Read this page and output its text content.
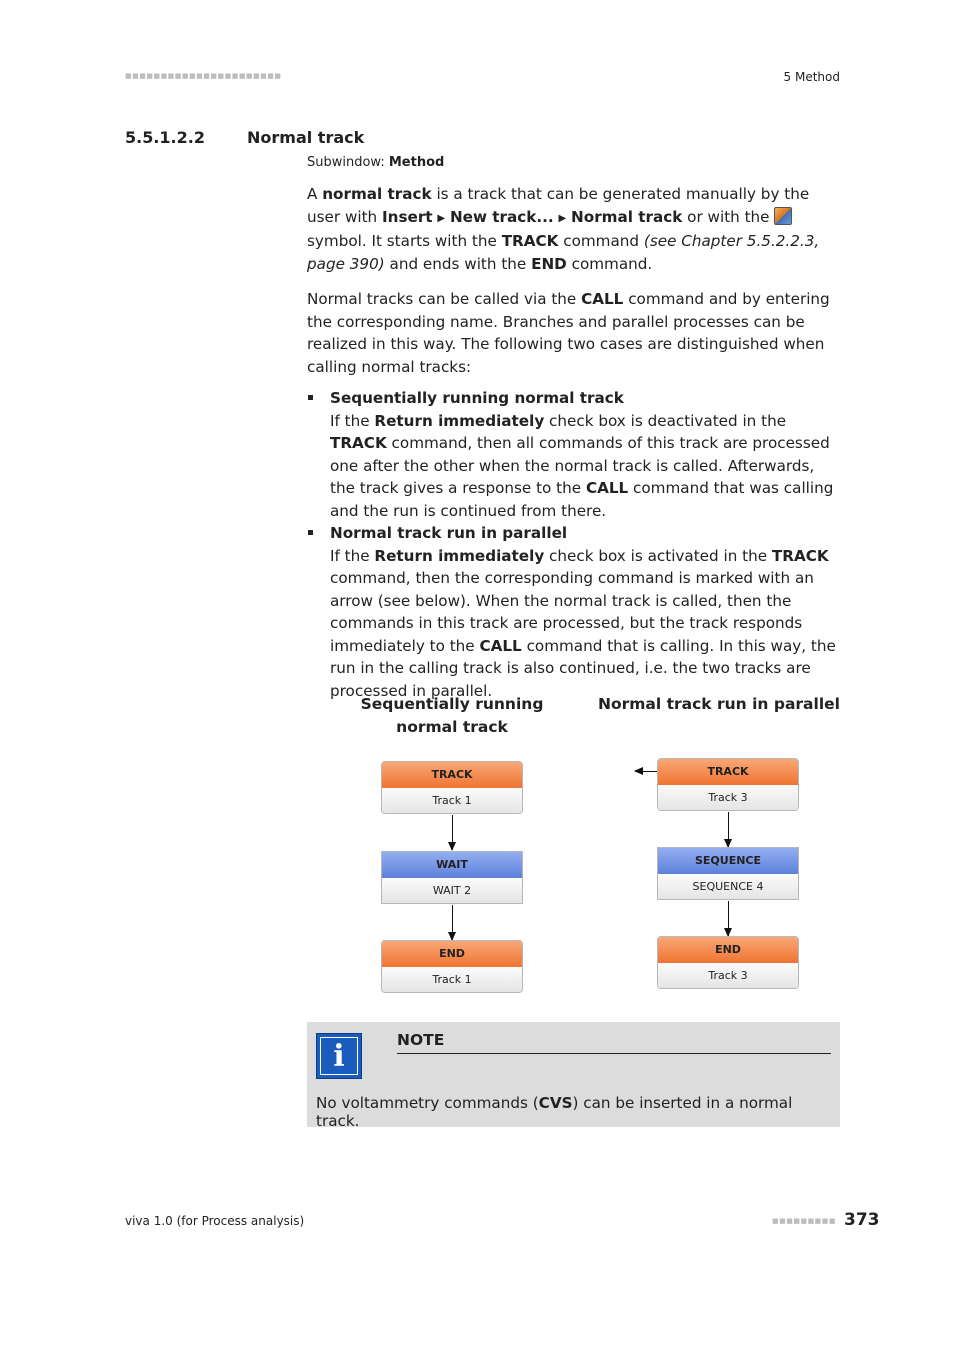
■■■■■■■■■■■■■■■■■■■■■■	5 Method
5.5.1.2.2	Normal track
Subwindow: Method
A normal track is a track that can be generated manually by the user with Insert ▶ New track... ▶ Normal track or with the  symbol. It starts with the TRACK command (see Chapter 5.5.2.2.3, page 390) and ends with the END command.
Normal tracks can be called via the CALL command and by entering the corresponding name. Branches and parallel processes can be realized in this way. The following two cases are distinguished when calling normal tracks:
Sequentially running normal track
If the Return immediately check box is deactivated in the TRACK command, then all commands of this track are processed one after the other when the normal track is called. Afterwards, the track gives a response to the CALL command that was calling and the run is continued from there.
Normal track run in parallel
If the Return immediately check box is activated in the TRACK command, then the corresponding command is marked with an arrow (see below). When the normal track is called, then the commands in this track are processed, but the track responds immediately to the CALL command that is calling. In this way, the run in the calling track is also continued, i.e. the two tracks are processed in parallel.
Sequentially running normal track
Normal track run in parallel
TRACK
Track 1
WAIT
WAIT 2
END
Track 1
TRACK
Track 3
SEQUENCE
SEQUENCE 4
END
Track 3
i	NOTE
No voltammetry commands (CVS) can be inserted in a normal track.
viva 1.0 (for Process analysis)	■■■■■■■■■ 373
